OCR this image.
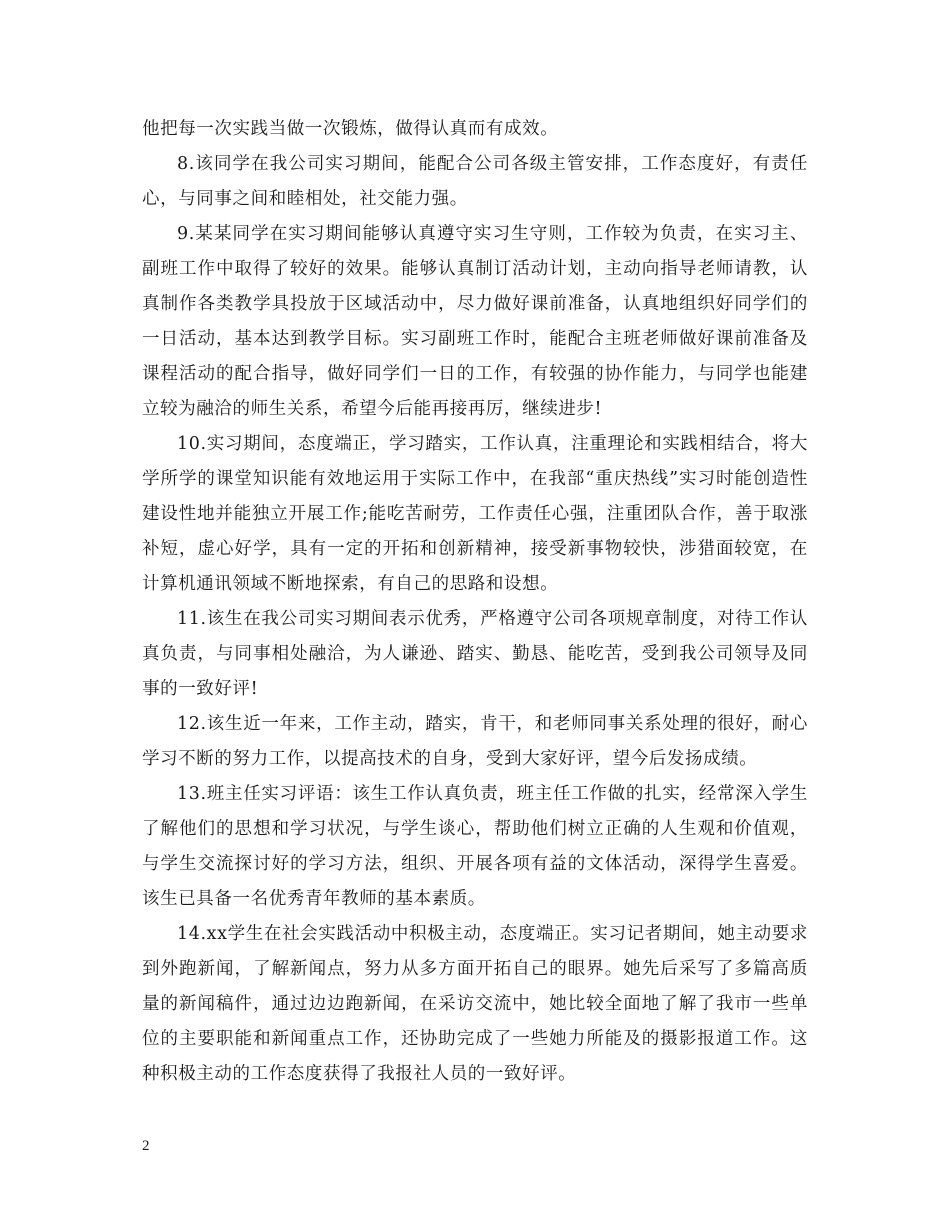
他把每一次实践当做一次锻炼，做得认真而有成效。

8.该同学在我公司实习期间，能配合公司各级主管安排，工作态度好，有责任心，与同事之间和睦相处，社交能力强。

9.某某同学在实习期间能够认真遵守实习生守则，工作较为负责，在实习主、副班工作中取得了较好的效果。能够认真制订活动计划，主动向指导老师请教，认真制作各类教学具投放于区域活动中，尽力做好课前准备，认真地组织好同学们的一日活动，基本达到教学目标。实习副班工作时，能配合主班老师做好课前准备及课程活动的配合指导，做好同学们一日的工作，有较强的协作能力，与同学也能建立较为融洽的师生关系，希望今后能再接再厉，继续进步!

10.实习期间，态度端正，学习踏实，工作认真，注重理论和实践相结合，将大学所学的课堂知识能有效地运用于实际工作中，在我部“重庆热线”实习时能创造性建设性地并能独立开展工作;能吃苦耐劳，工作责任心强，注重团队合作，善于取涨补短，虚心好学，具有一定的开拓和创新精神，接受新事物较快，涉猎面较宽，在计算机通讯领域不断地探索，有自己的思路和设想。

11.该生在我公司实习期间表示优秀，严格遵守公司各项规章制度，对待工作认真负责，与同事相处融洽，为人谦逊、踏实、勤恳、能吃苦，受到我公司领导及同事的一致好评!

12.该生近一年来，工作主动，踏实，肯干，和老师同事关系处理的很好，耐心学习不断的努力工作，以提高技术的自身，受到大家好评，望今后发扬成绩。

13.班主任实习评语：该生工作认真负责，班主任工作做的扎实，经常深入学生了解他们的思想和学习状况，与学生谈心，帮助他们树立正确的人生观和价值观，与学生交流探讨好的学习方法，组织、开展各项有益的文体活动，深得学生喜爱。该生已具备一名优秀青年教师的基本素质。

14.xx学生在社会实践活动中积极主动，态度端正。实习记者期间，她主动要求到外跑新闻，了解新闻点，努力从多方面开拓自己的眼界。她先后采写了多篇高质量的新闻稿件，通过边边跑新闻，在采访交流中，她比较全面地了解了我市一些单位的主要职能和新闻重点工作，还协助完成了一些她力所能及的摄影报道工作。这种积极主动的工作态度获得了我报社人员的一致好评。

2
